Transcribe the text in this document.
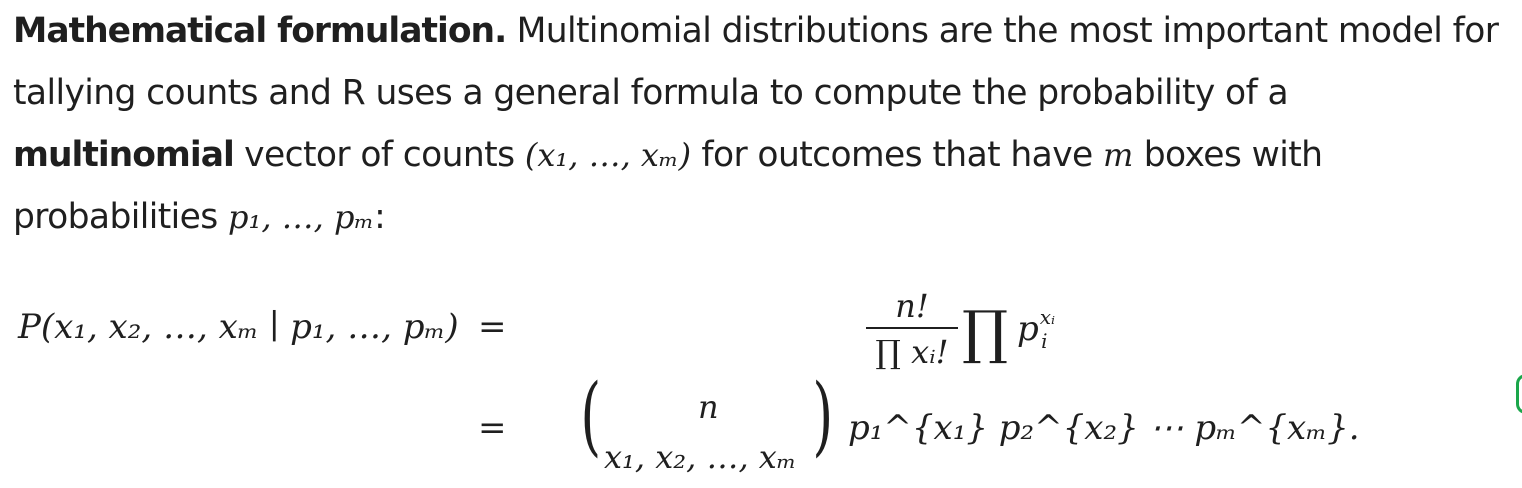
Mathematical formulation. Multinomial distributions are the most important model for
tallying counts and R uses a general formula to compute the probability of a
multinomial vector of counts (x₁, …, xₘ) for outcomes that have m boxes with
probabilities p₁, …, pₘ:
P(x₁, x₂, …, xₘ ∣ p₁, …, pₘ) =
n!
∏ xᵢ! ∏ $p^{xᵢ}_i$
= (	n
x₁, x₂, …, xₘ ) p₁^{x₁} p₂^{x₂} ⋯ pₘ^{xₘ}.
